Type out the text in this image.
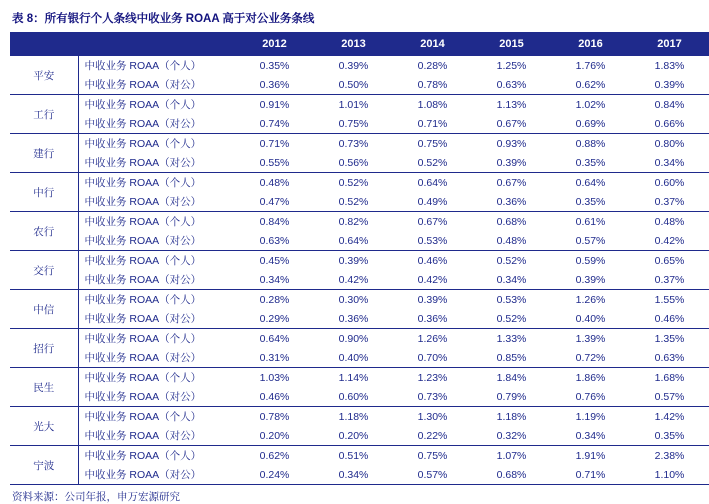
表 8：所有银行个人条线中收业务 ROAA 高于对公业务条线
		2012	2013	2014	2015	2016	2017
平安	中收业务 ROAA（个人）	0.35%	0.39%	0.28%	1.25%	1.76%	1.83%
	中收业务 ROAA（对公）	0.36%	0.50%	0.78%	0.63%	0.62%	0.39%
工行	中收业务 ROAA（个人）	0.91%	1.01%	1.08%	1.13%	1.02%	0.84%
	中收业务 ROAA（对公）	0.74%	0.75%	0.71%	0.67%	0.69%	0.66%
建行	中收业务 ROAA（个人）	0.71%	0.73%	0.75%	0.93%	0.88%	0.80%
	中收业务 ROAA（对公）	0.55%	0.56%	0.52%	0.39%	0.35%	0.34%
中行	中收业务 ROAA（个人）	0.48%	0.52%	0.64%	0.67%	0.64%	0.60%
	中收业务 ROAA（对公）	0.47%	0.52%	0.49%	0.36%	0.35%	0.37%
农行	中收业务 ROAA（个人）	0.84%	0.82%	0.67%	0.68%	0.61%	0.48%
	中收业务 ROAA（对公）	0.63%	0.64%	0.53%	0.48%	0.57%	0.42%
交行	中收业务 ROAA（个人）	0.45%	0.39%	0.46%	0.52%	0.59%	0.65%
	中收业务 ROAA（对公）	0.34%	0.42%	0.42%	0.34%	0.39%	0.37%
中信	中收业务 ROAA（个人）	0.28%	0.30%	0.39%	0.53%	1.26%	1.55%
	中收业务 ROAA（对公）	0.29%	0.36%	0.36%	0.52%	0.40%	0.46%
招行	中收业务 ROAA（个人）	0.64%	0.90%	1.26%	1.33%	1.39%	1.35%
	中收业务 ROAA（对公）	0.31%	0.40%	0.70%	0.85%	0.72%	0.63%
民生	中收业务 ROAA（个人）	1.03%	1.14%	1.23%	1.84%	1.86%	1.68%
	中收业务 ROAA（对公）	0.46%	0.60%	0.73%	0.79%	0.76%	0.57%
光大	中收业务 ROAA（个人）	0.78%	1.18%	1.30%	1.18%	1.19%	1.42%
	中收业务 ROAA（对公）	0.20%	0.20%	0.22%	0.32%	0.34%	0.35%
宁波	中收业务 ROAA（个人）	0.62%	0.51%	0.75%	1.07%	1.91%	2.38%
	中收业务 ROAA（对公）	0.24%	0.34%	0.57%	0.68%	0.71%	1.10%
资料来源：公司年报，申万宏源研究
